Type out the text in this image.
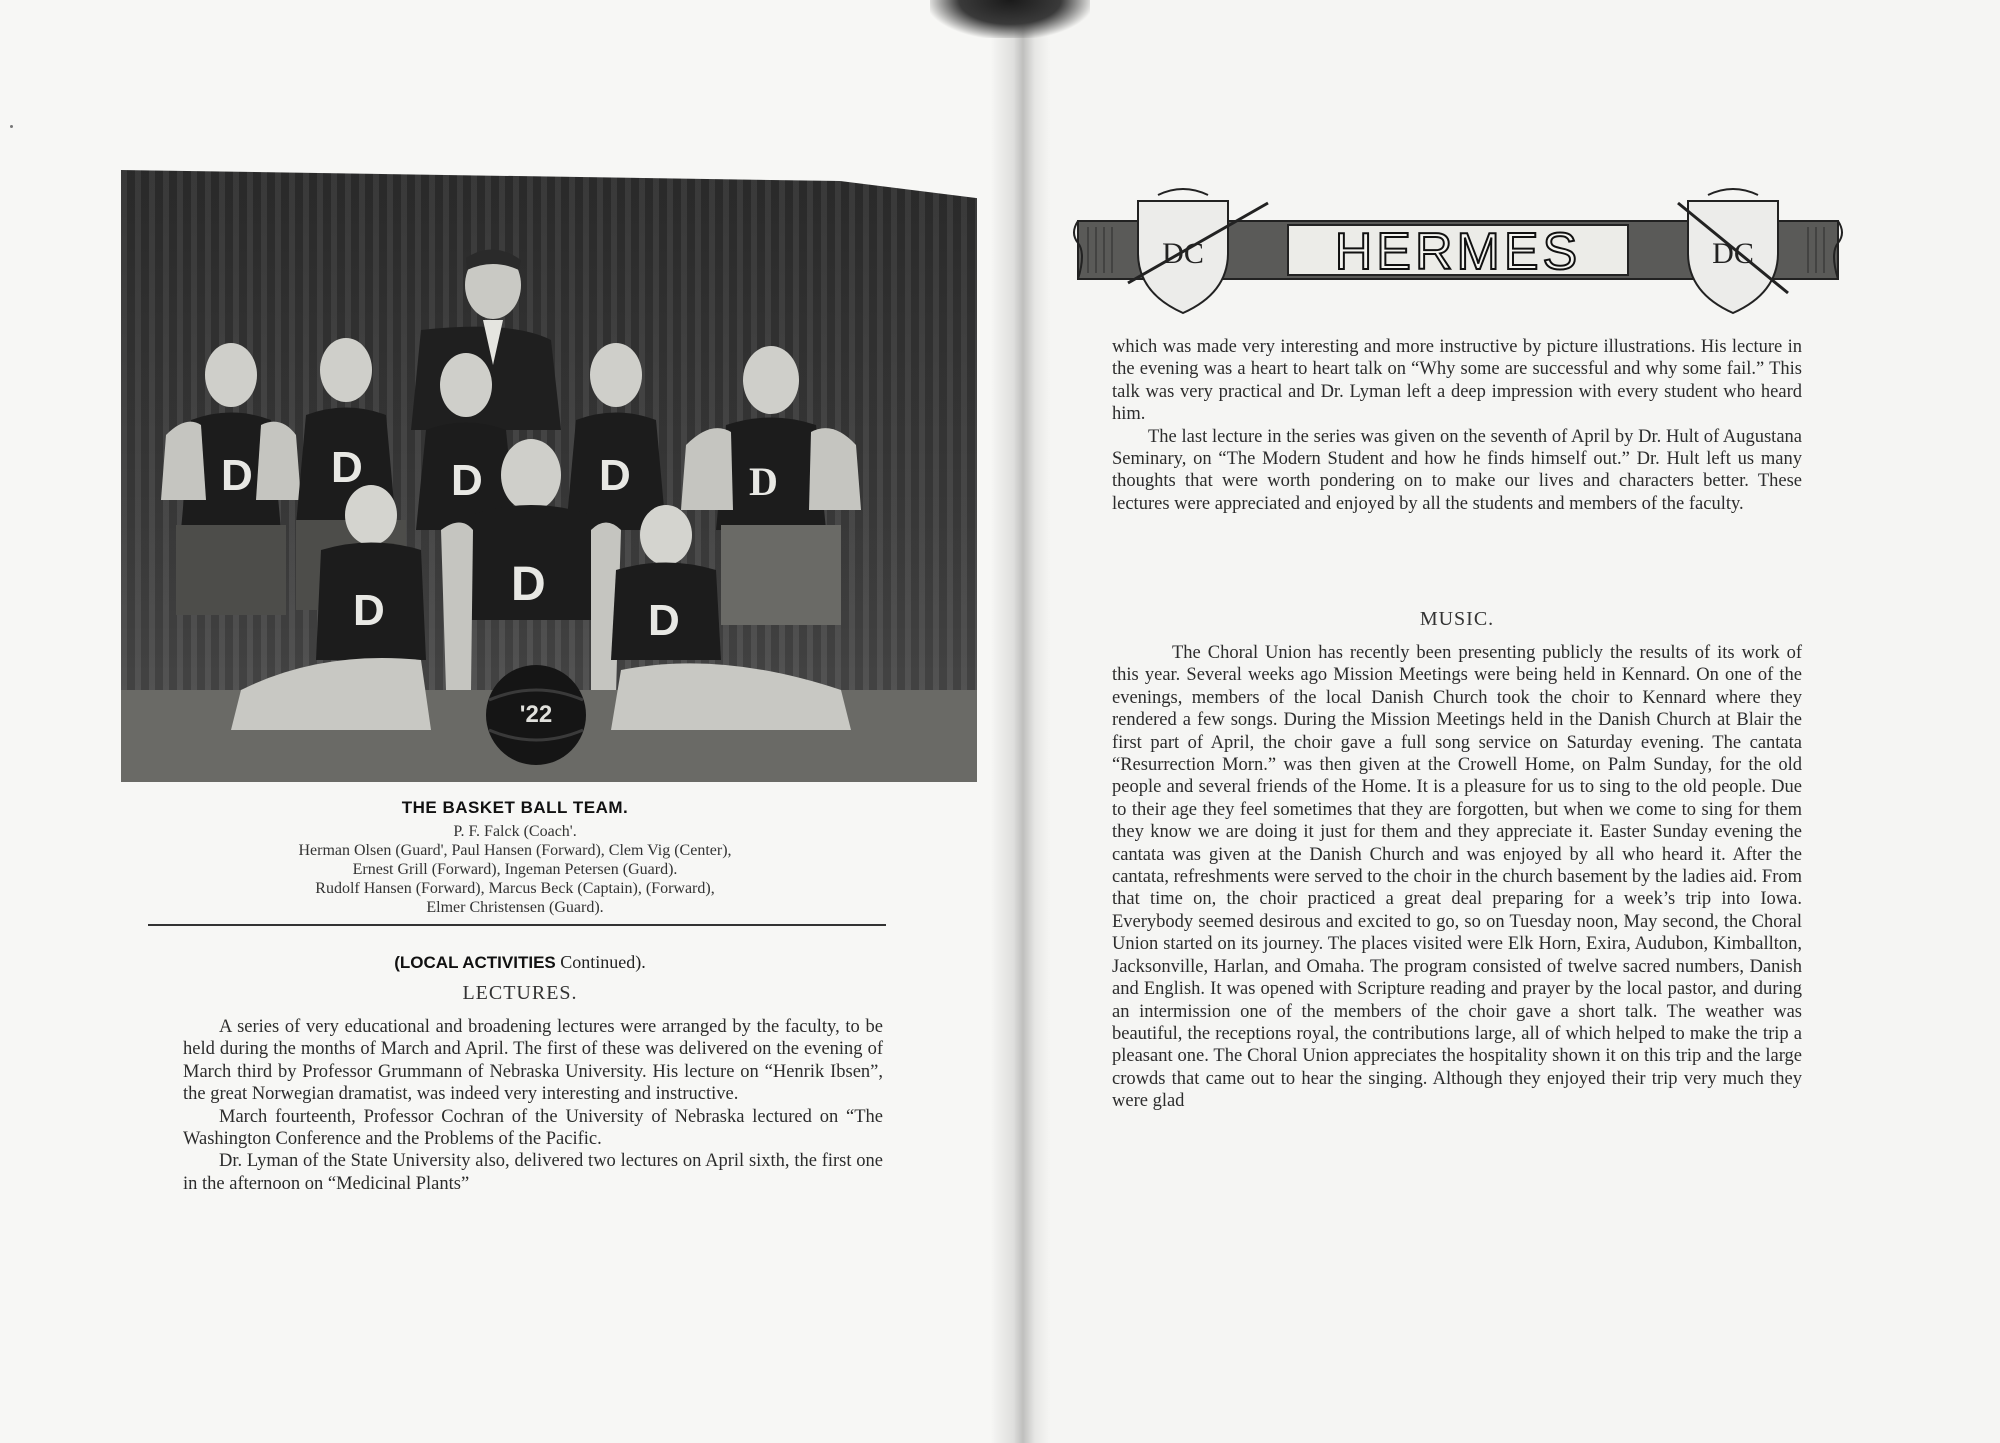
D D D	D	D
D	D
D
'22
THE BASKET BALL TEAM.
P. F. Falck (Coach'.
Herman Olsen (Guard', Paul Hansen (Forward), Clem Vig (Center),
Ernest Grill (Forward), Ingeman Petersen (Guard).
Rudolf Hansen (Forward), Marcus Beck (Captain), (Forward),
Elmer Christensen (Guard).
(LOCAL ACTIVITIES Continued).
LECTURES.

A series of very educational and broadening lectures were arranged by the faculty, to be held during the months of March and April. The first of these was delivered on the evening of March third by Professor Grummann of Nebraska University. His lecture on “Henrik Ibsen”, the great Norwegian dramatist, was indeed very interesting and instructive.

March fourteenth, Professor Cochran of the University of Nebraska lectured on “The Washington Conference and the Problems of the Pacific.

Dr. Lyman of the State University also, delivered two lectures on April sixth, the first one in the afternoon on “Medicinal Plants”

DC	DC
HERMES

which was made very interesting and more instructive by picture illustrations. His lecture in the evening was a heart to heart talk on “Why some are successful and why some fail.” This talk was very practical and Dr. Lyman left a deep impression with every student who heard him.

The last lecture in the series was given on the seventh of April by Dr. Hult of Augustana Seminary, on “The Modern Student and how he finds himself out.” Dr. Hult left us many thoughts that were worth pondering on to make our lives and characters better. These lectures were appreciated and enjoyed by all the students and members of the faculty.

MUSIC.

The Choral Union has recently been presenting publicly the results of its work of this year. Several weeks ago Mission Meetings were being held in Kennard. On one of the evenings, members of the local Danish Church took the choir to Kennard where they rendered a few songs. During the Mission Meetings held in the Danish Church at Blair the first part of April, the choir gave a full song service on Saturday evening. The cantata “Resurrection Morn.” was then given at the Crowell Home, on Palm Sunday, for the old people and several friends of the Home. It is a pleasure for us to sing to the old people. Due to their age they feel sometimes that they are forgotten, but when we come to sing for them they know we are doing it just for them and they appreciate it. Easter Sunday evening the cantata was given at the Danish Church and was enjoyed by all who heard it. After the cantata, refreshments were served to the choir in the church basement by the ladies aid. From that time on, the choir practiced a great deal preparing for a week’s trip into Iowa. Everybody seemed desirous and excited to go, so on Tuesday noon, May second, the Choral Union started on its journey. The places visited were Elk Horn, Exira, Audubon, Kimballton, Jacksonville, Harlan, and Omaha. The program consisted of twelve sacred numbers, Danish and English. It was opened with Scripture reading and prayer by the local pastor, and during an intermission one of the members of the choir gave a short talk. The weather was beautiful, the receptions royal, the contributions large, all of which helped to make the trip a pleasant one. The Choral Union appreciates the hospitality shown it on this trip and the large crowds that came out to hear the singing. Although they enjoyed their trip very much they were glad
